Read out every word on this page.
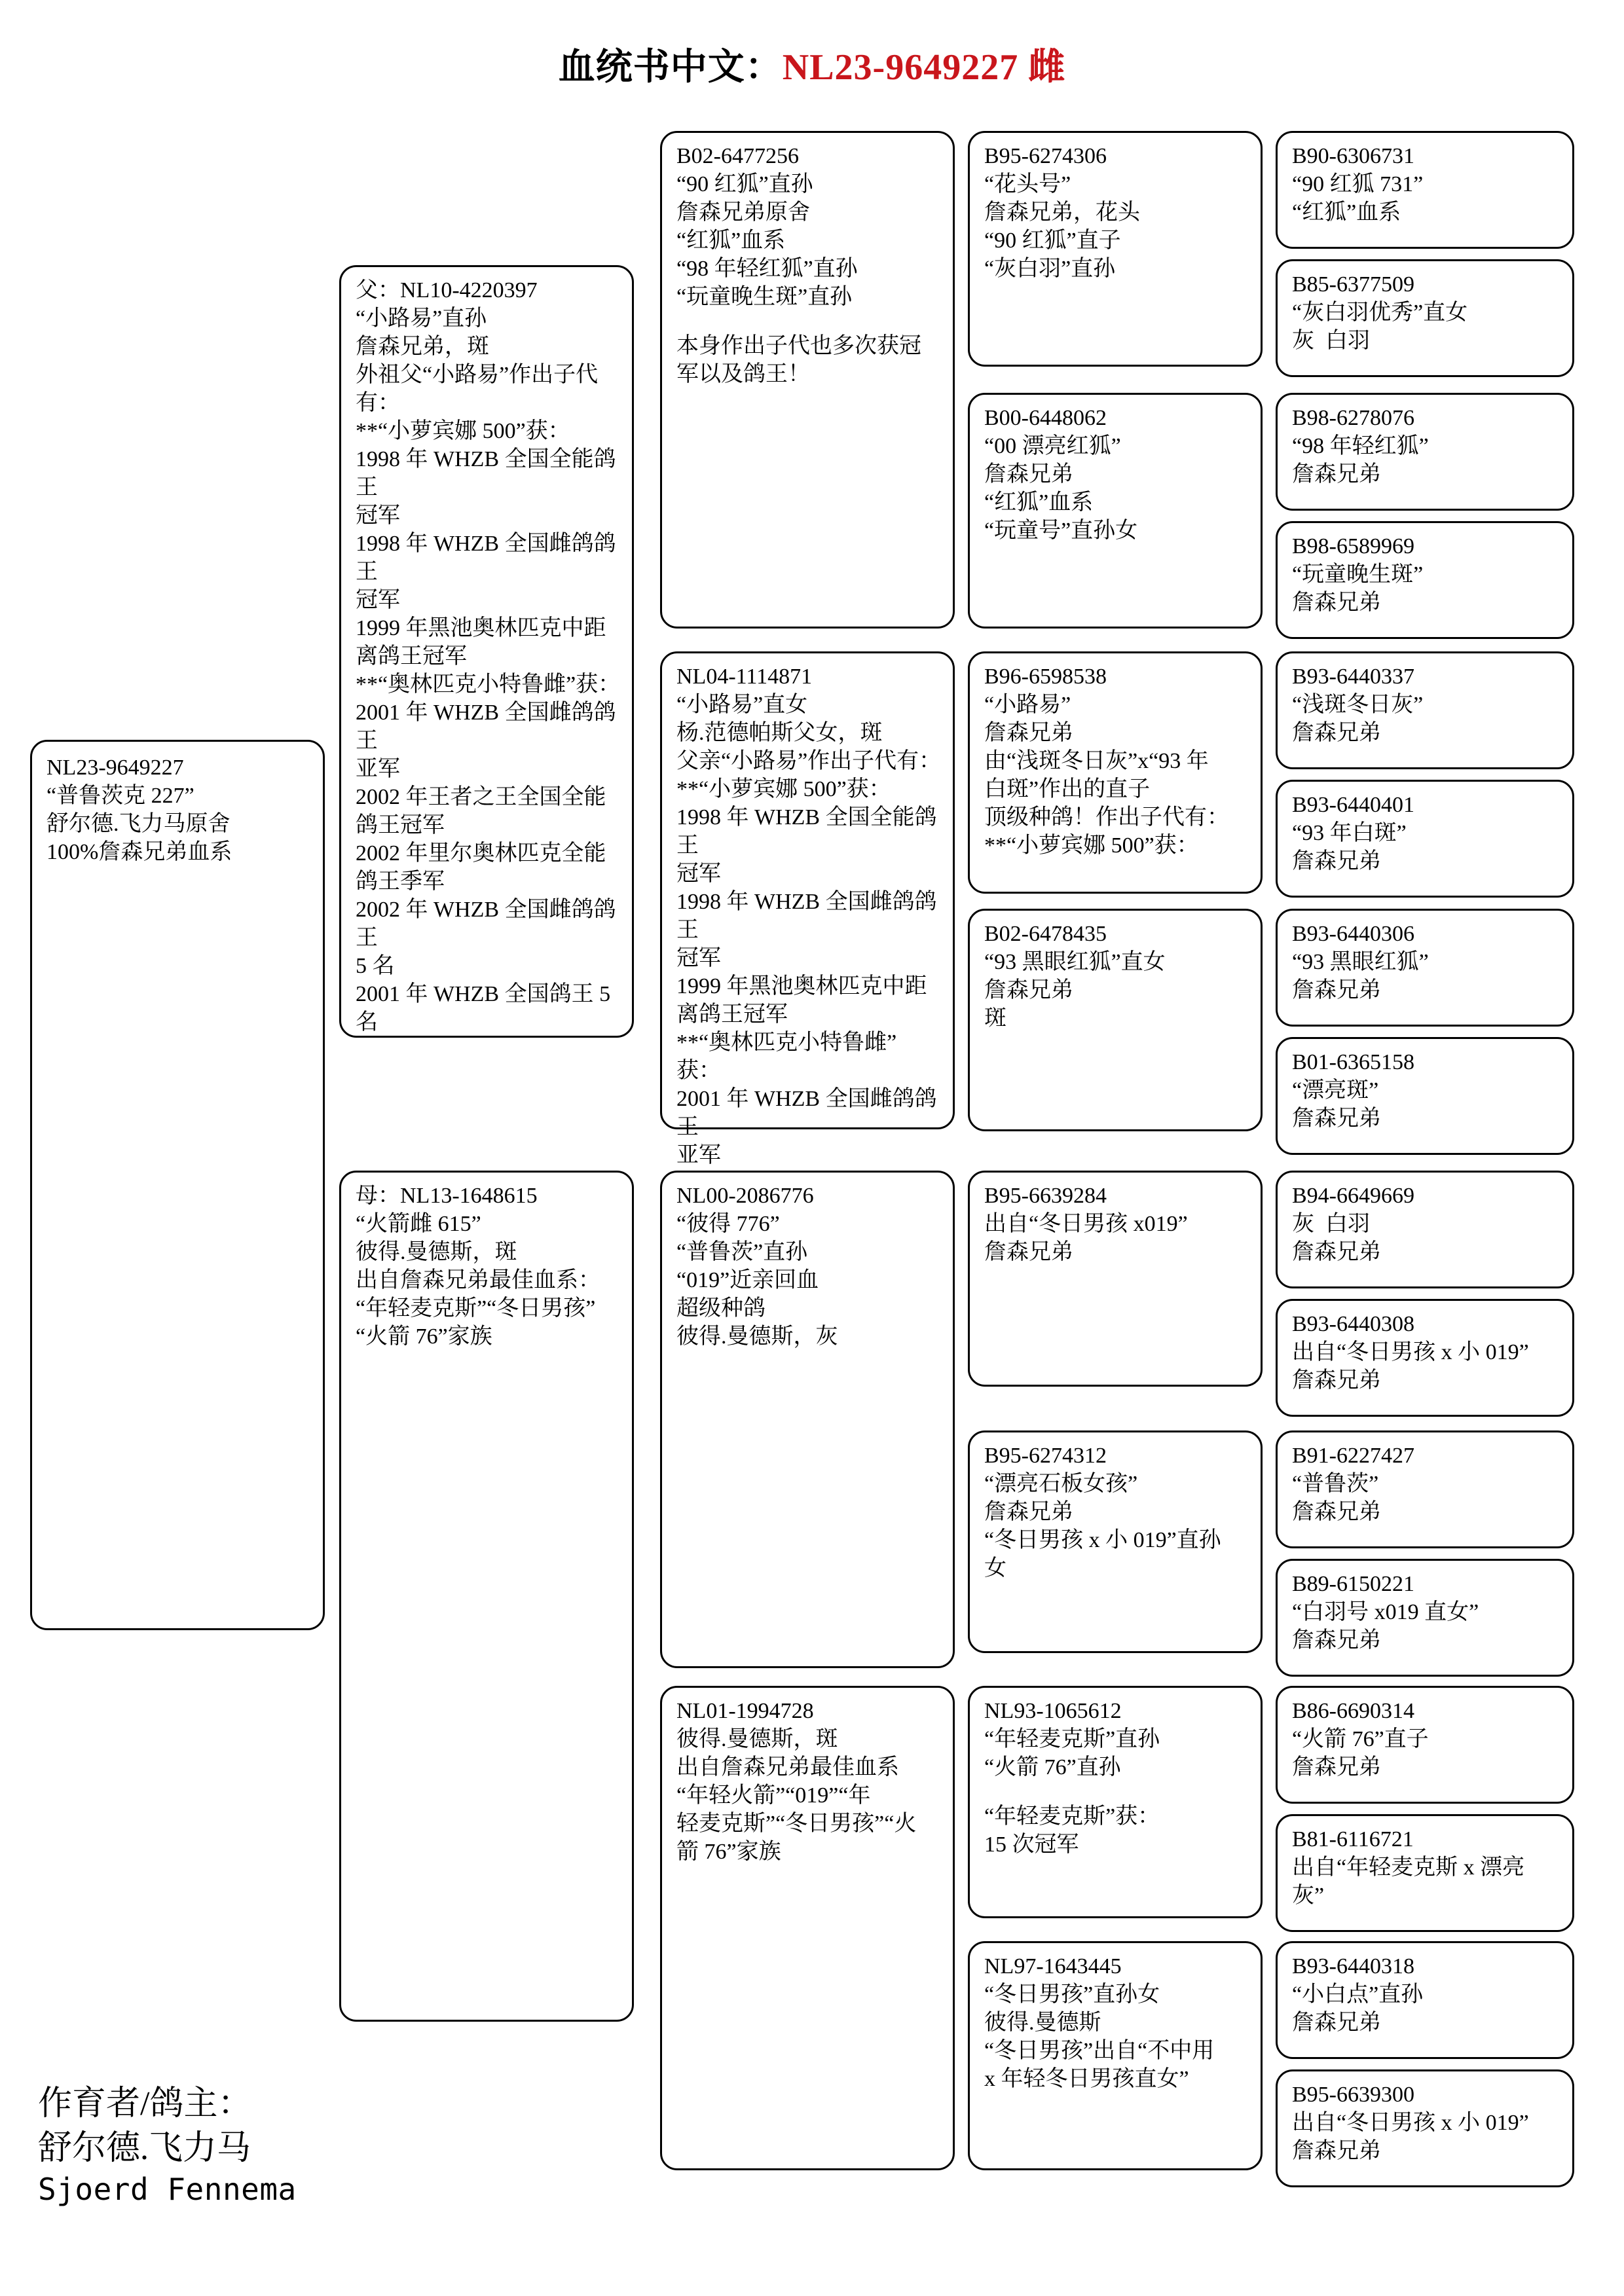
血统书中文：NL23-9649227 雌
NL23-9649227
“普鲁茨克 227”
舒尔德.飞力马原舍
100%詹森兄弟血系
父：NL10-4220397
“小路易”直孙
詹森兄弟，斑
外祖父“小路易”作出子代
有：
**“小萝宾娜 500”获：
1998 年 WHZB 全国全能鸽王
冠军
1998 年 WHZB 全国雌鸽鸽王
冠军
1999 年黑池奥林匹克中距
离鸽王冠军
**“奥林匹克小特鲁雌”获：
2001 年 WHZB 全国雌鸽鸽王
亚军
2002 年王者之王全国全能
鸽王冠军
2002 年里尔奥林匹克全能
鸽王季军
2002 年 WHZB 全国雌鸽鸽王
5 名
2001 年 WHZB 全国鸽王 5 名
母：NL13-1648615
“火箭雌 615”
彼得.曼德斯，斑
出自詹森兄弟最佳血系：
“年轻麦克斯”“冬日男孩”
“火箭 76”家族
B02-6477256
“90 红狐”直孙
詹森兄弟原舍
“红狐”血系
“98 年轻红狐”直孙
“玩童晚生斑”直孙
本身作出子代也多次获冠
军以及鸽王！
NL04-1114871
“小路易”直女
杨.范德帕斯父女，斑
父亲“小路易”作出子代有：
**“小萝宾娜 500”获：
1998 年 WHZB 全国全能鸽王
冠军
1998 年 WHZB 全国雌鸽鸽王
冠军
1999 年黑池奥林匹克中距
离鸽王冠军
**“奥林匹克小特鲁雌”
获：
2001 年 WHZB 全国雌鸽鸽王
亚军
NL00-2086776
“彼得 776”
“普鲁茨”直孙
“019”近亲回血
超级种鸽
彼得.曼德斯，灰
NL01-1994728
彼得.曼德斯，斑
出自詹森兄弟最佳血系
“年轻火箭”“019”“年
轻麦克斯”“冬日男孩”“火
箭 76”家族
B95-6274306
“花头号”
詹森兄弟，花头
“90 红狐”直子
“灰白羽”直孙
B00-6448062
“00 漂亮红狐”
詹森兄弟
“红狐”血系
“玩童号”直孙女
B96-6598538
“小路易”
詹森兄弟
由“浅斑冬日灰”x“93 年
白斑”作出的直子
顶级种鸽！作出子代有：
**“小萝宾娜 500”获：
B02-6478435
“93 黑眼红狐”直女
詹森兄弟
斑
B95-6639284
出自“冬日男孩 x019”
詹森兄弟
B95-6274312
“漂亮石板女孩”
詹森兄弟
“冬日男孩 x 小 019”直孙
女
NL93-1065612
“年轻麦克斯”直孙
“火箭 76”直孙
“年轻麦克斯”获：
15 次冠军
NL97-1643445
“冬日男孩”直孙女
彼得.曼德斯
“冬日男孩”出自“不中用
x 年轻冬日男孩直女”
B90-6306731
“90 红狐 731”
“红狐”血系
B85-6377509
“灰白羽优秀”直女
灰  白羽
B98-6278076
“98 年轻红狐”
詹森兄弟
B98-6589969
“玩童晚生斑”
詹森兄弟
B93-6440337
“浅斑冬日灰”
詹森兄弟
B93-6440401
“93 年白斑”
詹森兄弟
B93-6440306
“93 黑眼红狐”
詹森兄弟
B01-6365158
“漂亮斑”
詹森兄弟
B94-6649669
灰  白羽
詹森兄弟
B93-6440308
出自“冬日男孩 x 小 019”
詹森兄弟
B91-6227427
“普鲁茨”
詹森兄弟
B89-6150221
“白羽号 x019 直女”
詹森兄弟
B86-6690314
“火箭 76”直子
詹森兄弟
B81-6116721
出自“年轻麦克斯 x 漂亮
灰”
B93-6440318
“小白点”直孙
詹森兄弟
B95-6639300
出自“冬日男孩 x 小 019”
詹森兄弟
作育者/鸽主：
舒尔德.飞力马
Sjoerd Fennema
